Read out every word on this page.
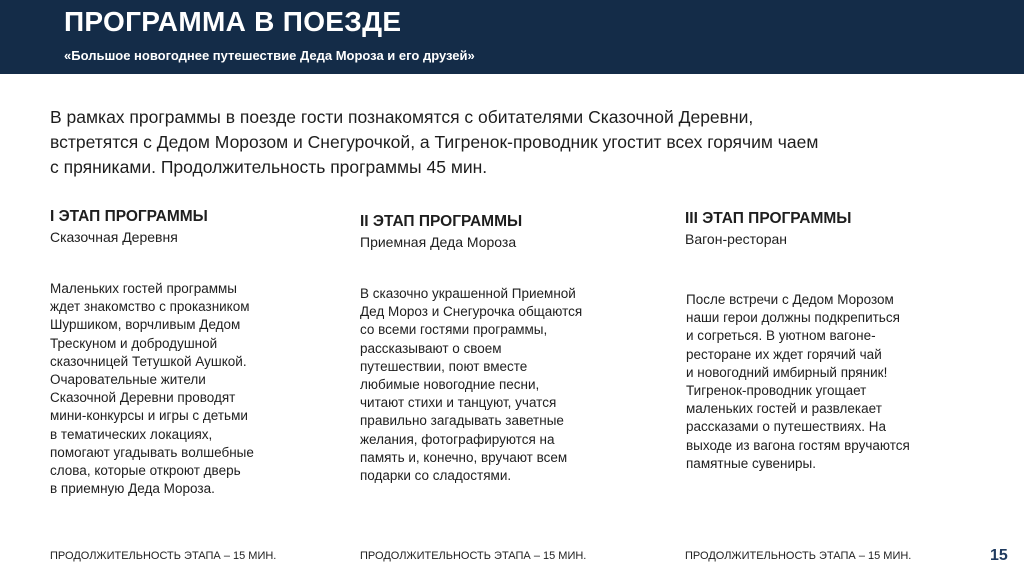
ПРОГРАММА В ПОЕЗДЕ
«Большое новогоднее путешествие Деда Мороза и его друзей»
В рамках программы в поезде гости познакомятся с обитателями Сказочной Деревни,
встретятся с Дедом Морозом и Снегурочкой, а Тигренок-проводник угостит всех горячим чаем
с пряниками. Продолжительность программы 45 мин.
I ЭТАП ПРОГРАММЫ
Сказочная Деревня
Маленьких гостей программы
ждет знакомство с проказником
Шуршиком, ворчливым Дедом
Трескуном и добродушной
сказочницей Тетушкой Аушкой.
Очаровательные жители
Сказочной Деревни проводят
мини-конкурсы и игры с детьми
в тематических локациях,
помогают угадывать волшебные
слова, которые откроют дверь
в приемную Деда Мороза.
ПРОДОЛЖИТЕЛЬНОСТЬ ЭТАПА – 15 МИН.
II ЭТАП ПРОГРАММЫ
Приемная Деда Мороза
В сказочно украшенной Приемной
Дед Мороз и Снегурочка общаются
со всеми гостями программы,
рассказывают о своем
путешествии, поют вместе
любимые новогодние песни,
читают стихи и танцуют, учатся
правильно загадывать заветные
желания, фотографируются на
память и, конечно, вручают всем
подарки со сладостями.
ПРОДОЛЖИТЕЛЬНОСТЬ ЭТАПА – 15 МИН.
III ЭТАП ПРОГРАММЫ
Вагон-ресторан
После встречи с Дедом Морозом
наши герои должны подкрепиться
и согреться. В уютном вагоне-
ресторане их ждет горячий чай
и новогодний имбирный пряник!
Тигренок-проводник угощает
маленьких гостей и развлекает
рассказами о путешествиях. На
выходе из вагона гостям вручаются
памятные сувениры.
ПРОДОЛЖИТЕЛЬНОСТЬ ЭТАПА – 15 МИН.	15
